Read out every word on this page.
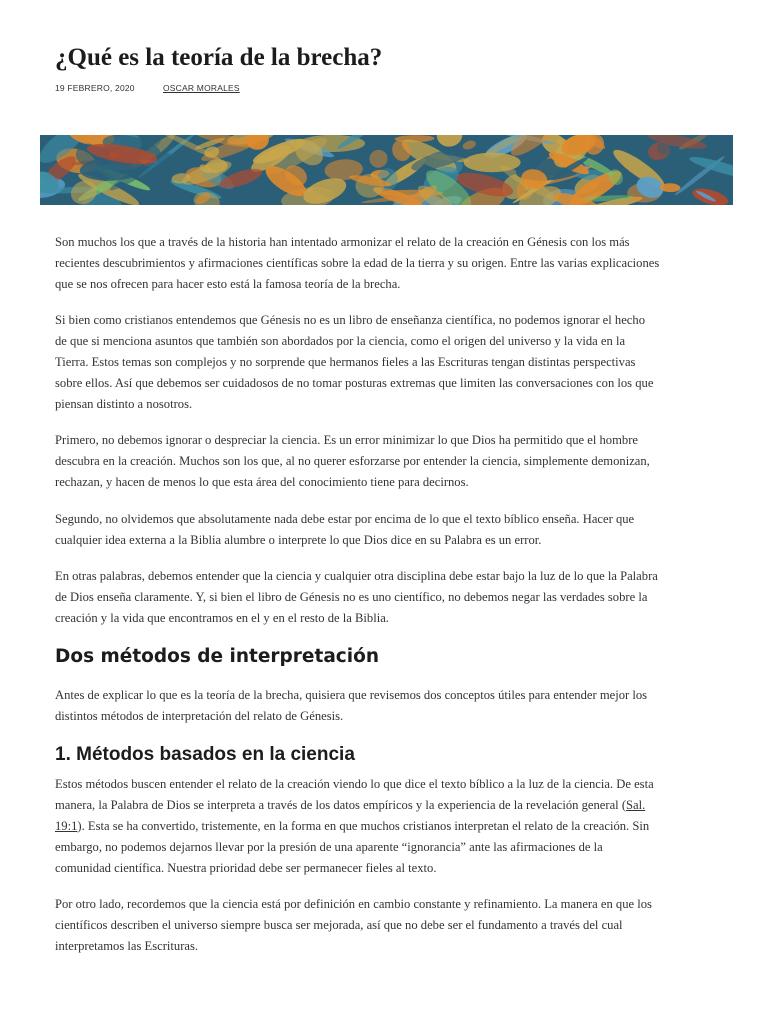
¿Qué es la teoría de la brecha?
19 FEBRERO, 2020	OSCAR MORALES

Son muchos los que a través de la historia han intentado armonizar el relato de la creación en Génesis con los más recientes descubrimientos y afirmaciones científicas sobre la edad de la tierra y su origen. Entre las varias explicaciones que se nos ofrecen para hacer esto está la famosa teoría de la brecha.

Si bien como cristianos entendemos que Génesis no es un libro de enseñanza científica, no podemos ignorar el hecho de que si menciona asuntos que también son abordados por la ciencia, como el origen del universo y la vida en la Tierra. Estos temas son complejos y no sorprende que hermanos fieles a las Escrituras tengan distintas perspectivas sobre ellos. Así que debemos ser cuidadosos de no tomar posturas extremas que limiten las conversaciones con los que piensan distinto a nosotros.

Primero, no debemos ignorar o despreciar la ciencia. Es un error minimizar lo que Dios ha permitido que el hombre descubra en la creación. Muchos son los que, al no querer esforzarse por entender la ciencia, simplemente demonizan, rechazan, y hacen de menos lo que esta área del conocimiento tiene para decirnos.

Segundo, no olvidemos que absolutamente nada debe estar por encima de lo que el texto bíblico enseña. Hacer que cualquier idea externa a la Biblia alumbre o interprete lo que Dios dice en su Palabra es un error.

En otras palabras, debemos entender que la ciencia y cualquier otra disciplina debe estar bajo la luz de lo que la Palabra de Dios enseña claramente. Y, si bien el libro de Génesis no es uno científico, no debemos negar las verdades sobre la creación y la vida que encontramos en el y en el resto de la Biblia.

Dos métodos de interpretación

Antes de explicar lo que es la teoría de la brecha, quisiera que revisemos dos conceptos útiles para entender mejor los distintos métodos de interpretación del relato de Génesis.

1. Métodos basados en la ciencia

Estos métodos buscen entender el relato de la creación viendo lo que dice el texto bíblico a la luz de la ciencia. De esta manera, la Palabra de Dios se interpreta a través de los datos empíricos y la experiencia de la revelación general (Sal. 19:1). Esta se ha convertido, tristemente, en la forma en que muchos cristianos interpretan el relato de la creación. Sin embargo, no podemos dejarnos llevar por la presión de una aparente “ignorancia” ante las afirmaciones de la comunidad científica. Nuestra prioridad debe ser permanecer fieles al texto.

Por otro lado, recordemos que la ciencia está por definición en cambio constante y refinamiento. La manera en que los científicos describen el universo siempre busca ser mejorada, así que no debe ser el fundamento a través del cual interpretamos las Escrituras.
